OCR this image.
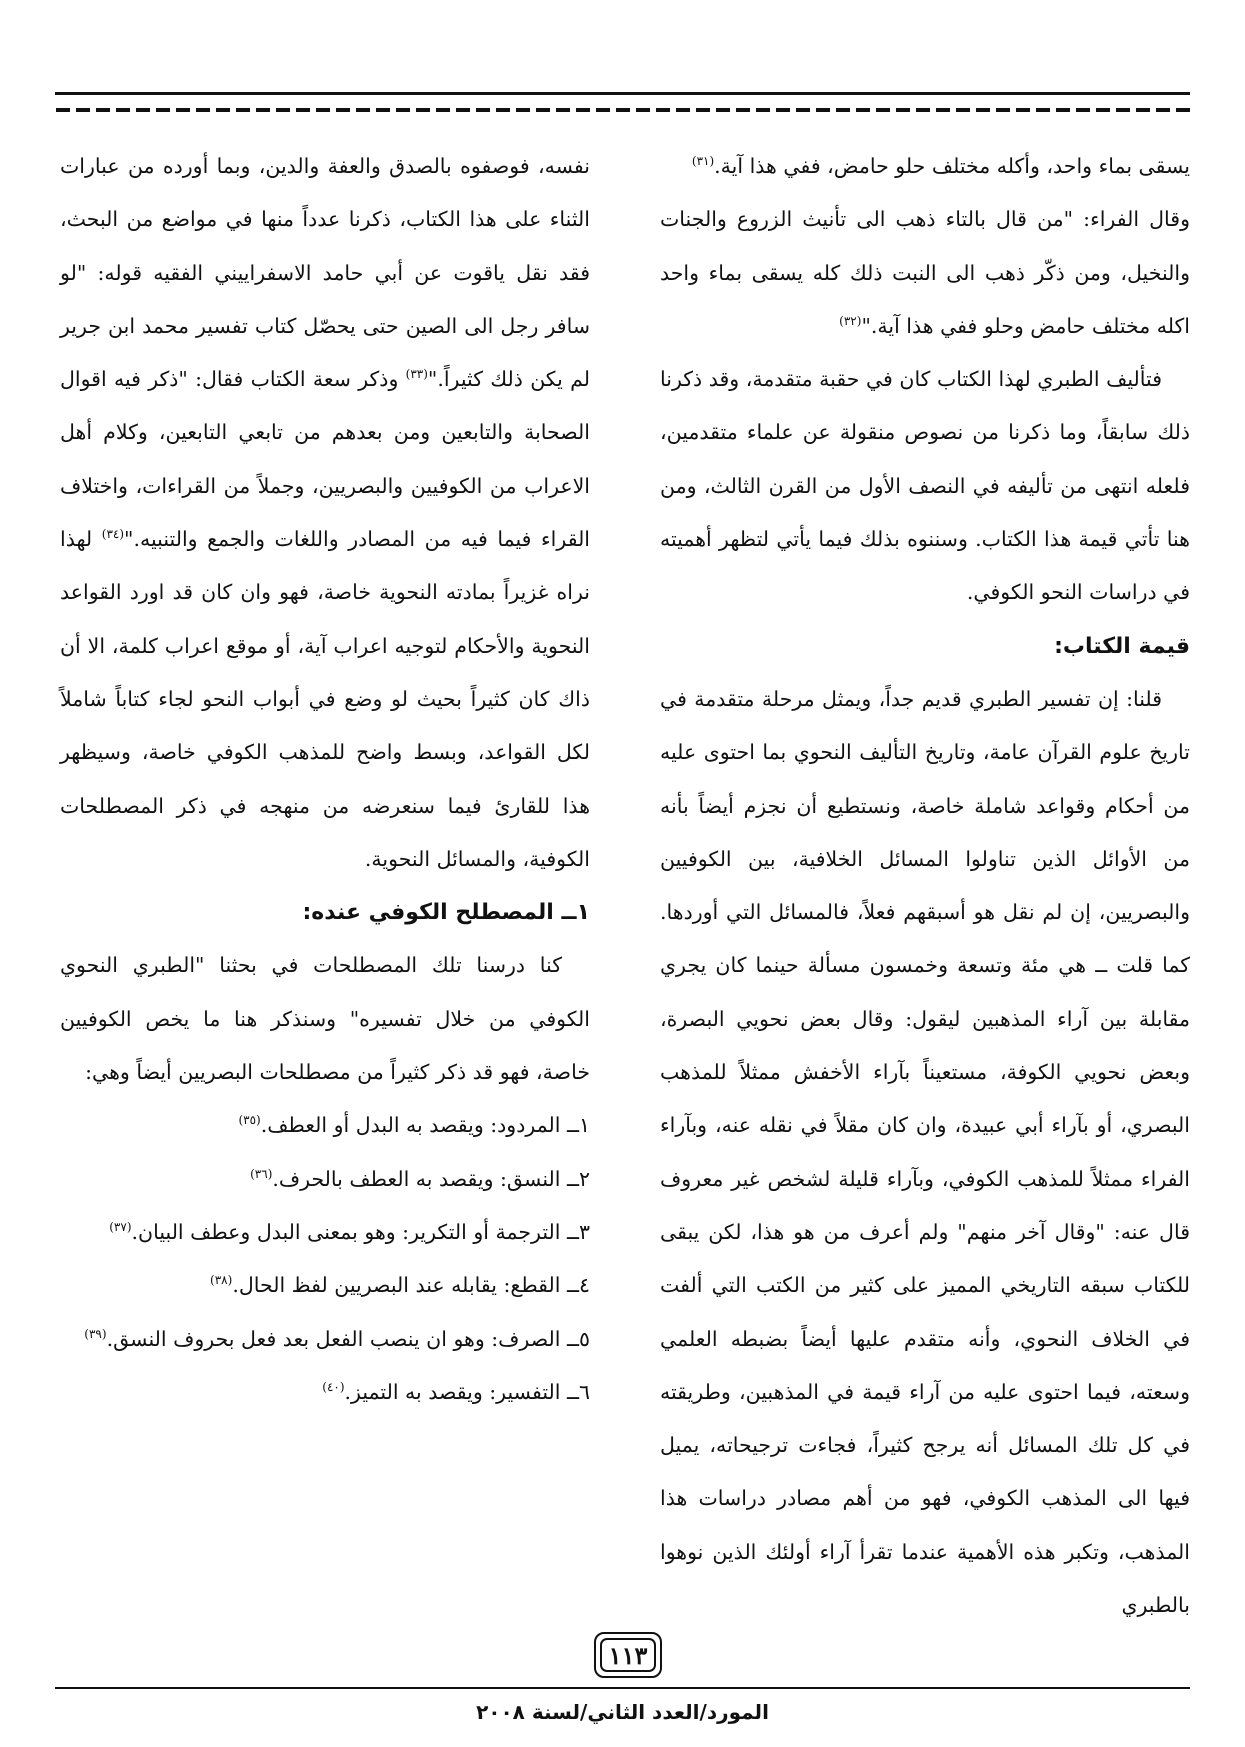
يسقى بماء واحد، وأكله مختلف حلو حامض، ففي هذا آية.$^{(٣١)}$

وقال الفراء: "من قال بالتاء ذهب الى تأنيث الزروع والجنات والنخيل، ومن ذكّر ذهب الى النبت ذلك كله يسقى بماء واحد اكله مختلف حامض وحلو ففي هذا آية."$^{(٣٢)}$

فتأليف الطبري لهذا الكتاب كان في حقبة متقدمة، وقد ذكرنا ذلك سابقاً، وما ذكرنا من نصوص منقولة عن علماء متقدمين، فلعله انتهى من تأليفه في النصف الأول من القرن الثالث، ومن هنا تأتي قيمة هذا الكتاب. وسننوه بذلك فيما يأتي لتظهر أهميته في دراسات النحو الكوفي.

قيمة الكتاب:

قلنا: إن تفسير الطبري قديم جداً، ويمثل مرحلة متقدمة في تاريخ علوم القرآن عامة، وتاريخ التأليف النحوي بما احتوى عليه من أحكام وقواعد شاملة خاصة، ونستطيع أن نجزم أيضاً بأنه من الأوائل الذين تناولوا المسائل الخلافية، بين الكوفيين والبصريين، إن لم نقل هو أسبقهم فعلاً، فالمسائل التي أوردها. كما قلت ــ هي مئة وتسعة وخمسون مسألة حينما كان يجري مقابلة بين آراء المذهبين ليقول: وقال بعض نحويي البصرة، وبعض نحويي الكوفة، مستعيناً بآراء الأخفش ممثلاً للمذهب البصري، أو بآراء أبي عبيدة، وان كان مقلاً في نقله عنه، وبآراء الفراء ممثلاً للمذهب الكوفي، وبآراء قليلة لشخص غير معروف قال عنه: "وقال آخر منهم" ولم أعرف من هو هذا، لكن يبقى للكتاب سبقه التاريخي المميز على كثير من الكتب التي ألفت في الخلاف النحوي، وأنه متقدم عليها أيضاً بضبطه العلمي وسعته، فيما احتوى عليه من آراء قيمة في المذهبين، وطريقته في كل تلك المسائل أنه يرجح كثيراً، فجاءت ترجيحاته، يميل فيها الى المذهب الكوفي، فهو من أهم مصادر دراسات هذا المذهب، وتكبر هذه الأهمية عندما تقرأ آراء أولئك الذين نوهوا بالطبري

نفسه، فوصفوه بالصدق والعفة والدين، وبما أورده من عبارات الثناء على هذا الكتاب، ذكرنا عدداً منها في مواضع من البحث، فقد نقل ياقوت عن أبي حامد الاسفراييني الفقيه قوله: "لو سافر رجل الى الصين حتى يحصّل كتاب تفسير محمد ابن جرير لم يكن ذلك كثيراً."$^{(٣٣)}$ وذكر سعة الكتاب فقال: "ذكر فيه اقوال الصحابة والتابعين ومن بعدهم من تابعي التابعين، وكلام أهل الاعراب من الكوفيين والبصريين، وجملاً من القراءات، واختلاف القراء فيما فيه من المصادر واللغات والجمع والتنبيه."$^{(٣٤)}$ لهذا نراه غزيراً بمادته النحوية خاصة، فهو وان كان قد اورد القواعد النحوية والأحكام لتوجيه اعراب آية، أو موقع اعراب كلمة، الا أن ذاك كان كثيراً بحيث لو وضع في أبواب النحو لجاء كتاباً شاملاً لكل القواعد، وبسط واضح للمذهب الكوفي خاصة، وسيظهر هذا للقارئ فيما سنعرضه من منهجه في ذكر المصطلحات الكوفية، والمسائل النحوية.

١ــ المصطلح الكوفي عنده:

كنا درسنا تلك المصطلحات في بحثنا "الطبري النحوي الكوفي من خلال تفسيره" وسنذكر هنا ما يخص الكوفيين خاصة، فهو قد ذكر كثيراً من مصطلحات البصريين أيضاً وهي:

١ــ المردود: ويقصد به البدل أو العطف.$^{(٣٥)}$

٢ــ النسق: ويقصد به العطف بالحرف.$^{(٣٦)}$

٣ــ الترجمة أو التكرير: وهو بمعنى البدل وعطف البيان.$^{(٣٧)}$

٤ــ القطع: يقابله عند البصريين لفظ الحال.$^{(٣٨)}$

٥ــ الصرف: وهو ان ينصب الفعل بعد فعل بحروف النسق.$^{(٣٩)}$

٦ــ التفسير: ويقصد به التميز.$^{(٤٠)}$

١١٣
المورد/العدد الثاني/لسنة ٢٠٠٨
